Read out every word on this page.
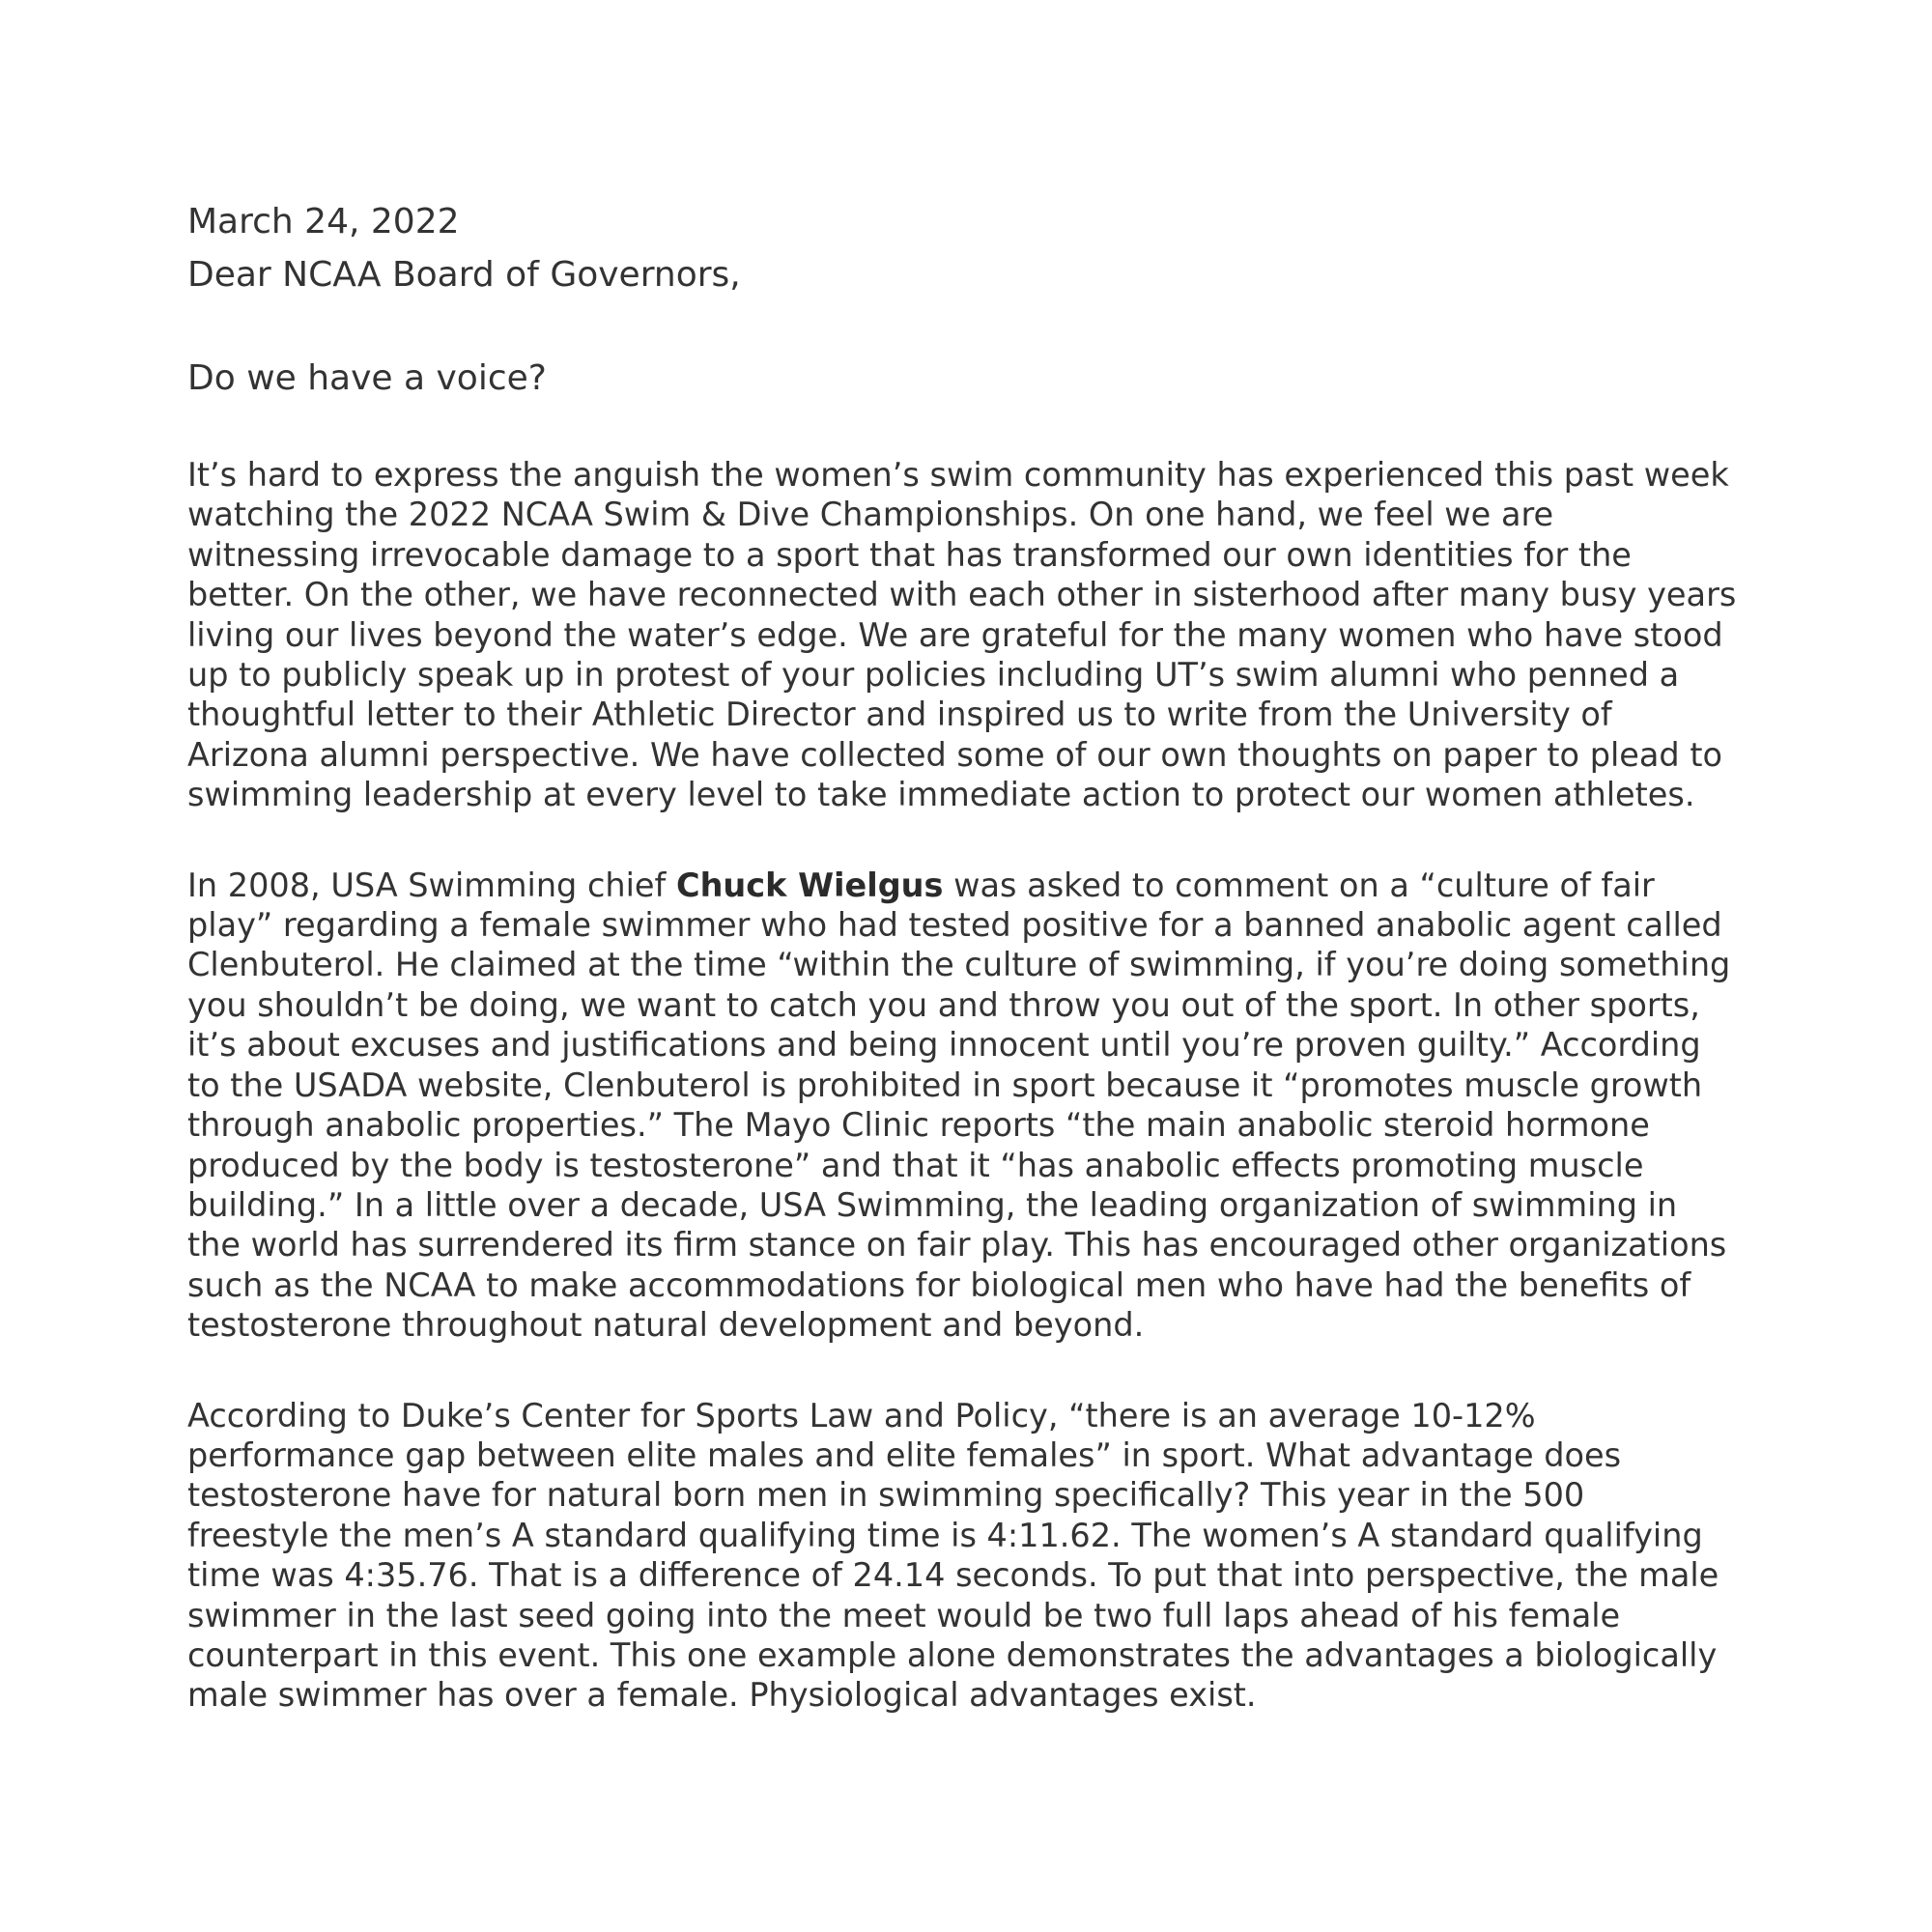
March 24, 2022

Dear NCAA Board of Governors,

Do we have a voice?

It’s hard to express the anguish the women’s swim community has experienced this past week
watching the 2022 NCAA Swim & Dive Championships. On one hand, we feel we are
witnessing irrevocable damage to a sport that has transformed our own identities for the
better. On the other, we have reconnected with each other in sisterhood after many busy years
living our lives beyond the water’s edge. We are grateful for the many women who have stood
up to publicly speak up in protest of your policies including UT’s swim alumni who penned a
thoughtful letter to their Athletic Director and inspired us to write from the University of
Arizona alumni perspective. We have collected some of our own thoughts on paper to plead to
swimming leadership at every level to take immediate action to protect our women athletes.
In 2008, USA Swimming chief Chuck Wielgus was asked to comment on a “culture of fair
play” regarding a female swimmer who had tested positive for a banned anabolic agent called
Clenbuterol. He claimed at the time “within the culture of swimming, if you’re doing something
you shouldn’t be doing, we want to catch you and throw you out of the sport. In other sports,
it’s about excuses and justifications and being innocent until you’re proven guilty.” According
to the USADA website, Clenbuterol is prohibited in sport because it “promotes muscle growth
through anabolic properties.” The Mayo Clinic reports “the main anabolic steroid hormone
produced by the body is testosterone” and that it “has anabolic effects promoting muscle
building.” In a little over a decade, USA Swimming, the leading organization of swimming in
the world has surrendered its firm stance on fair play. This has encouraged other organizations
such as the NCAA to make accommodations for biological men who have had the benefits of
testosterone throughout natural development and beyond.
According to Duke’s Center for Sports Law and Policy, “there is an average 10-12%
performance gap between elite males and elite females” in sport. What advantage does
testosterone have for natural born men in swimming specifically? This year in the 500
freestyle the men’s A standard qualifying time is 4:11.62. The women’s A standard qualifying
time was 4:35.76. That is a difference of 24.14 seconds. To put that into perspective, the male
swimmer in the last seed going into the meet would be two full laps ahead of his female
counterpart in this event. This one example alone demonstrates the advantages a biologically
male swimmer has over a female. Physiological advantages exist.
